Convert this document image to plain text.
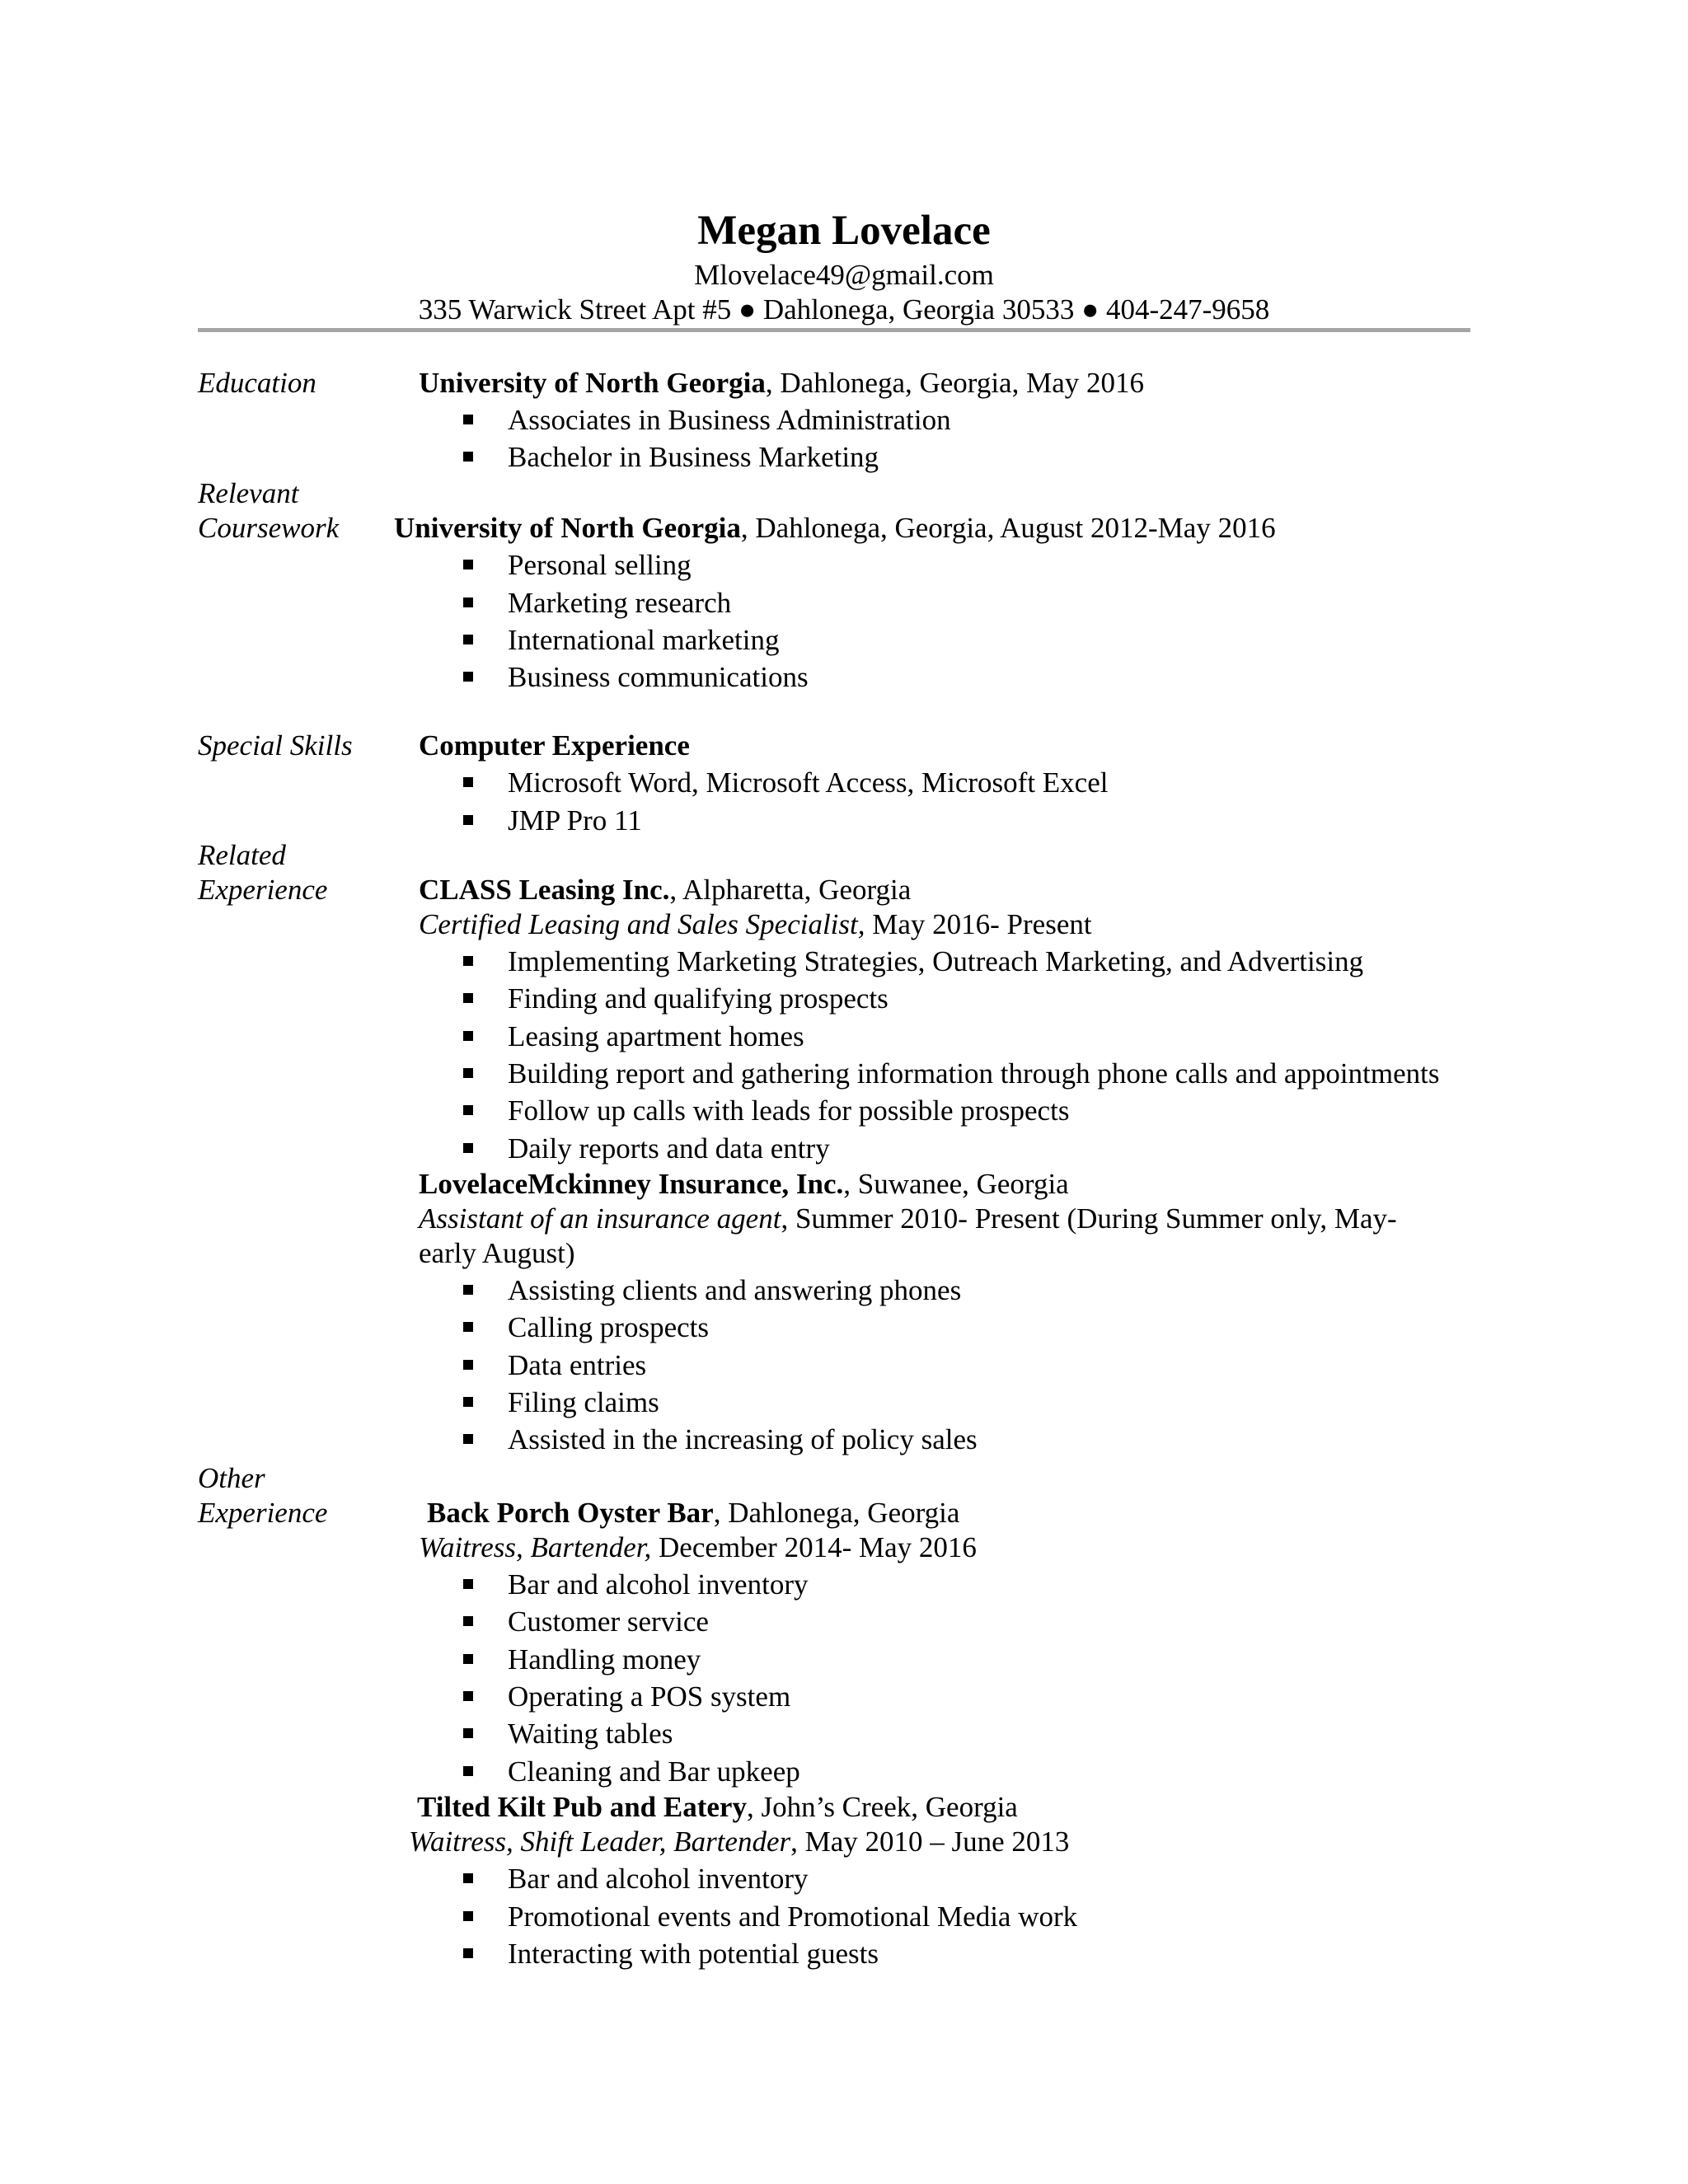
Megan Lovelace
Mlovelace49@gmail.com
335 Warwick Street Apt #5 ● Dahlonega, Georgia 30533 ● 404-247-9658
Education
Relevant
Coursework
Special Skills
Related
Experience
Other
Experience
University of North Georgia, Dahlonega, Georgia, May 2016
Associates in Business Administration
Bachelor in Business Marketing
University of North Georgia, Dahlonega, Georgia, August 2012-May 2016
Personal selling
Marketing research
International marketing
Business communications
Computer Experience
Microsoft Word, Microsoft Access, Microsoft Excel
JMP Pro 11
CLASS Leasing Inc., Alpharetta, Georgia
Certified Leasing and Sales Specialist, May 2016- Present
Implementing Marketing Strategies, Outreach Marketing, and Advertising
Finding and qualifying prospects
Leasing apartment homes
Building report and gathering information through phone calls and appointments
Follow up calls with leads for possible prospects
Daily reports and data entry
LovelaceMckinney Insurance, Inc., Suwanee, Georgia
Assistant of an insurance agent, Summer 2010- Present (During Summer only, May-
early August)
Assisting clients and answering phones
Calling prospects
Data entries
Filing claims
Assisted in the increasing of policy sales
Back Porch Oyster Bar, Dahlonega, Georgia
Waitress, Bartender, December 2014- May 2016
Bar and alcohol inventory
Customer service
Handling money
Operating a POS system
Waiting tables
Cleaning and Bar upkeep
Tilted Kilt Pub and Eatery, John’s Creek, Georgia
Waitress, Shift Leader, Bartender, May 2010 – June 2013
Bar and alcohol inventory
Promotional events and Promotional Media work
Interacting with potential guests
